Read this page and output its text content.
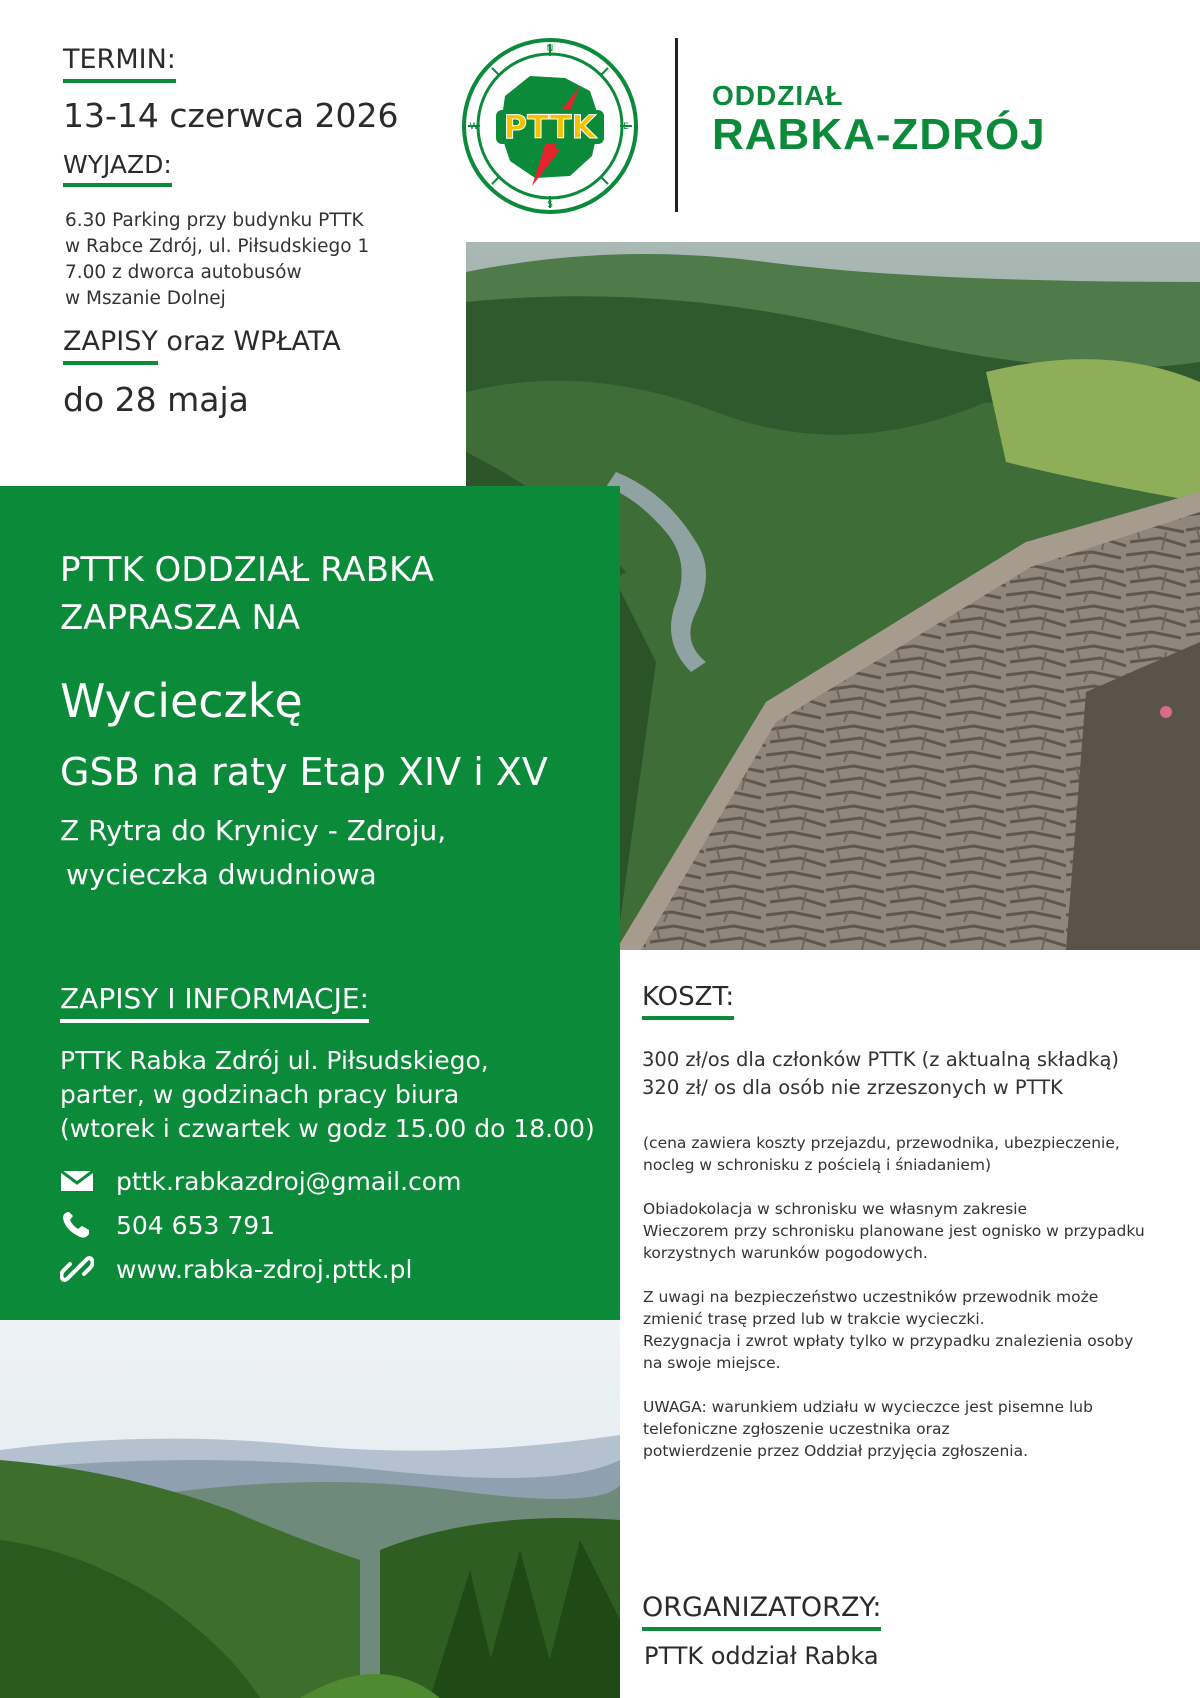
TERMIN:
13-14 czerwca 2026
WYJAZD:
6.30 Parking przy budynku PTTK
w Rabce Zdrój, ul. Piłsudskiego 1
7.00 z dworca autobusów
w Mszanie Dolnej
ZAPISY oraz WPŁATA
do 28 maja
PTTK
N
S
W	E
ODDZIAŁ
RABKA-ZDRÓJ
PTTK ODDZIAŁ RABKA
ZAPRASZA NA
Wycieczkę
GSB na raty Etap XIV i XV
Z Rytra do Krynicy - Zdroju,
wycieczka dwudniowa
ZAPISY I INFORMACJE:
PTTK Rabka Zdrój ul. Piłsudskiego,
parter, w godzinach pracy biura
(wtorek i czwartek w godz 15.00 do 18.00)
pttk.rabkazdroj@gmail.com
504 653 791
www.rabka-zdroj.pttk.pl
KOSZT:
300 zł/os dla członków PTTK (z aktualną składką)
320 zł/ os dla osób nie zrzeszonych w PTTK
(cena zawiera koszty przejazdu, przewodnika, ubezpieczenie,
nocleg w schronisku z pościelą i śniadaniem)
Obiadokolacja w schronisku we własnym zakresie
Wieczorem przy schronisku planowane jest ognisko w przypadku
korzystnych warunków pogodowych.
Z uwagi na bezpieczeństwo uczestników przewodnik może
zmienić trasę przed lub w trakcie wycieczki.
Rezygnacja i zwrot wpłaty tylko w przypadku znalezienia osoby
na swoje miejsce.
UWAGA: warunkiem udziału w wycieczce jest pisemne lub
telefoniczne zgłoszenie uczestnika oraz
potwierdzenie przez Oddział przyjęcia zgłoszenia.
ORGANIZATORZY:
PTTK oddział Rabka
